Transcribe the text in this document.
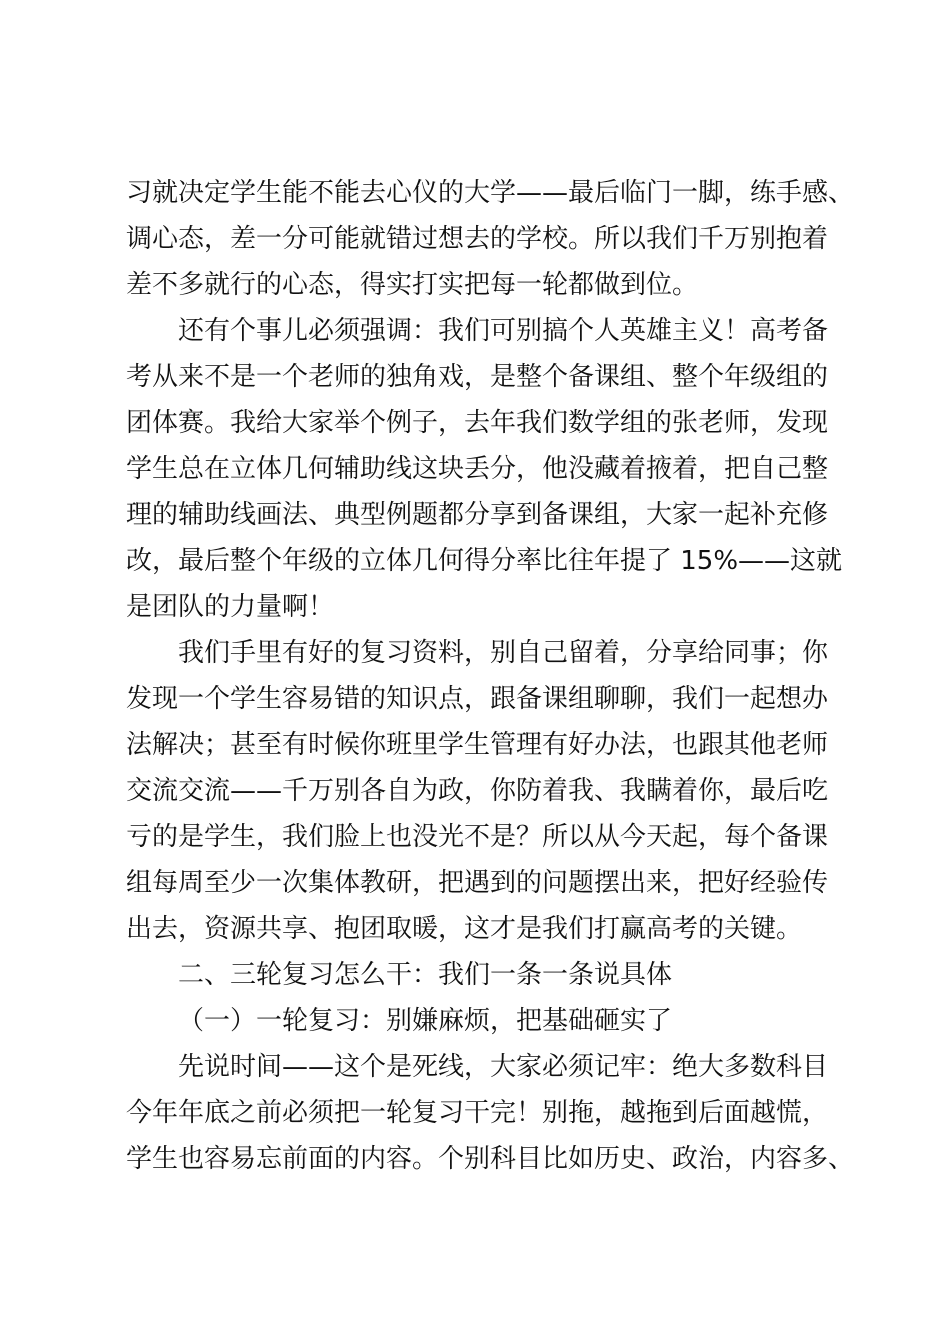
习就决定学生能不能去心仪的大学——最后临门一脚，练手感、
调心态，差一分可能就错过想去的学校。所以我们千万别抱着
差不多就行的心态，得实打实把每一轮都做到位。
还有个事儿必须强调：我们可别搞个人英雄主义！高考备
考从来不是一个老师的独角戏，是整个备课组、整个年级组的
团体赛。我给大家举个例子，去年我们数学组的张老师，发现
学生总在立体几何辅助线这块丢分，他没藏着掖着，把自己整
理的辅助线画法、典型例题都分享到备课组，大家一起补充修
改，最后整个年级的立体几何得分率比往年提了 15%——这就
是团队的力量啊！
我们手里有好的复习资料，别自己留着，分享给同事；你
发现一个学生容易错的知识点，跟备课组聊聊，我们一起想办
法解决；甚至有时候你班里学生管理有好办法，也跟其他老师
交流交流——千万别各自为政，你防着我、我瞒着你，最后吃
亏的是学生，我们脸上也没光不是？所以从今天起，每个备课
组每周至少一次集体教研，把遇到的问题摆出来，把好经验传
出去，资源共享、抱团取暖，这才是我们打赢高考的关键。
二、三轮复习怎么干：我们一条一条说具体
（一）一轮复习：别嫌麻烦，把基础砸实了
先说时间——这个是死线，大家必须记牢：绝大多数科目
今年年底之前必须把一轮复习干完！别拖，越拖到后面越慌，
学生也容易忘前面的内容。个别科目比如历史、政治，内容多、
